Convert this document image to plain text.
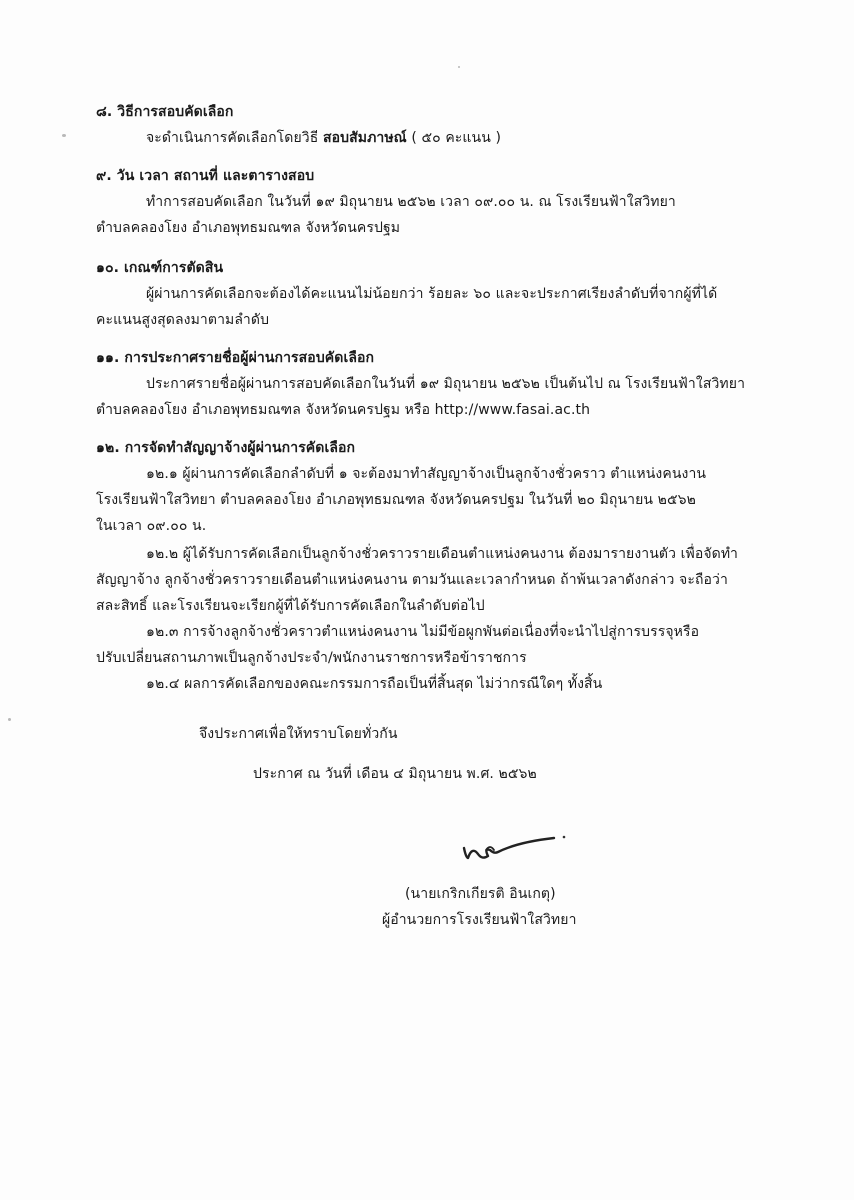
๘. วิธีการสอบคัดเลือก
จะดำเนินการคัดเลือกโดยวิธี สอบสัมภาษณ์ ( ๕๐ คะแนน )
๙. วัน เวลา สถานที่ และตารางสอบ
ทำการสอบคัดเลือก ในวันที่ ๑๙ มิถุนายน ๒๕๖๒ เวลา ๐๙.๐๐ น. ณ โรงเรียนฟ้าใสวิทยา
ตำบลคลองโยง อำเภอพุทธมณฑล จังหวัดนครปฐม
๑๐. เกณฑ์การตัดสิน
ผู้ผ่านการคัดเลือกจะต้องได้คะแนนไม่น้อยกว่า ร้อยละ ๖๐ และจะประกาศเรียงลำดับที่จากผู้ที่ได้
คะแนนสูงสุดลงมาตามลำดับ
๑๑. การประกาศรายชื่อผู้ผ่านการสอบคัดเลือก
ประกาศรายชื่อผู้ผ่านการสอบคัดเลือกในวันที่ ๑๙ มิถุนายน ๒๕๖๒ เป็นต้นไป ณ โรงเรียนฟ้าใสวิทยา
ตำบลคลองโยง อำเภอพุทธมณฑล จังหวัดนครปฐม หรือ http://www.fasai.ac.th
๑๒. การจัดทำสัญญาจ้างผู้ผ่านการคัดเลือก
๑๒.๑ ผู้ผ่านการคัดเลือกลำดับที่ ๑ จะต้องมาทำสัญญาจ้างเป็นลูกจ้างชั่วคราว ตำแหน่งคนงาน
โรงเรียนฟ้าใสวิทยา ตำบลคลองโยง อำเภอพุทธมณฑล จังหวัดนครปฐม ในวันที่ ๒๐ มิถุนายน ๒๕๖๒
ในเวลา ๐๙.๐๐ น.
๑๒.๒ ผู้ได้รับการคัดเลือกเป็นลูกจ้างชั่วคราวรายเดือนตำแหน่งคนงาน ต้องมารายงานตัว เพื่อจัดทำ
สัญญาจ้าง ลูกจ้างชั่วคราวรายเดือนตำแหน่งคนงาน ตามวันและเวลากำหนด ถ้าพ้นเวลาดังกล่าว จะถือว่า
สละสิทธิ์ และโรงเรียนจะเรียกผู้ที่ได้รับการคัดเลือกในลำดับต่อไป
๑๒.๓ การจ้างลูกจ้างชั่วคราวตำแหน่งคนงาน ไม่มีข้อผูกพันต่อเนื่องที่จะนำไปสู่การบรรจุหรือ
ปรับเปลี่ยนสถานภาพเป็นลูกจ้างประจำ/พนักงานราชการหรือข้าราชการ
๑๒.๔ ผลการคัดเลือกของคณะกรรมการถือเป็นที่สิ้นสุด ไม่ว่ากรณีใดๆ ทั้งสิ้น
จึงประกาศเพื่อให้ทราบโดยทั่วกัน
ประกาศ ณ วันที่ เดือน ๔ มิถุนายน พ.ศ. ๒๕๖๒
(นายเกริกเกียรติ อินเกตุ)
ผู้อำนวยการโรงเรียนฟ้าใสวิทยา
